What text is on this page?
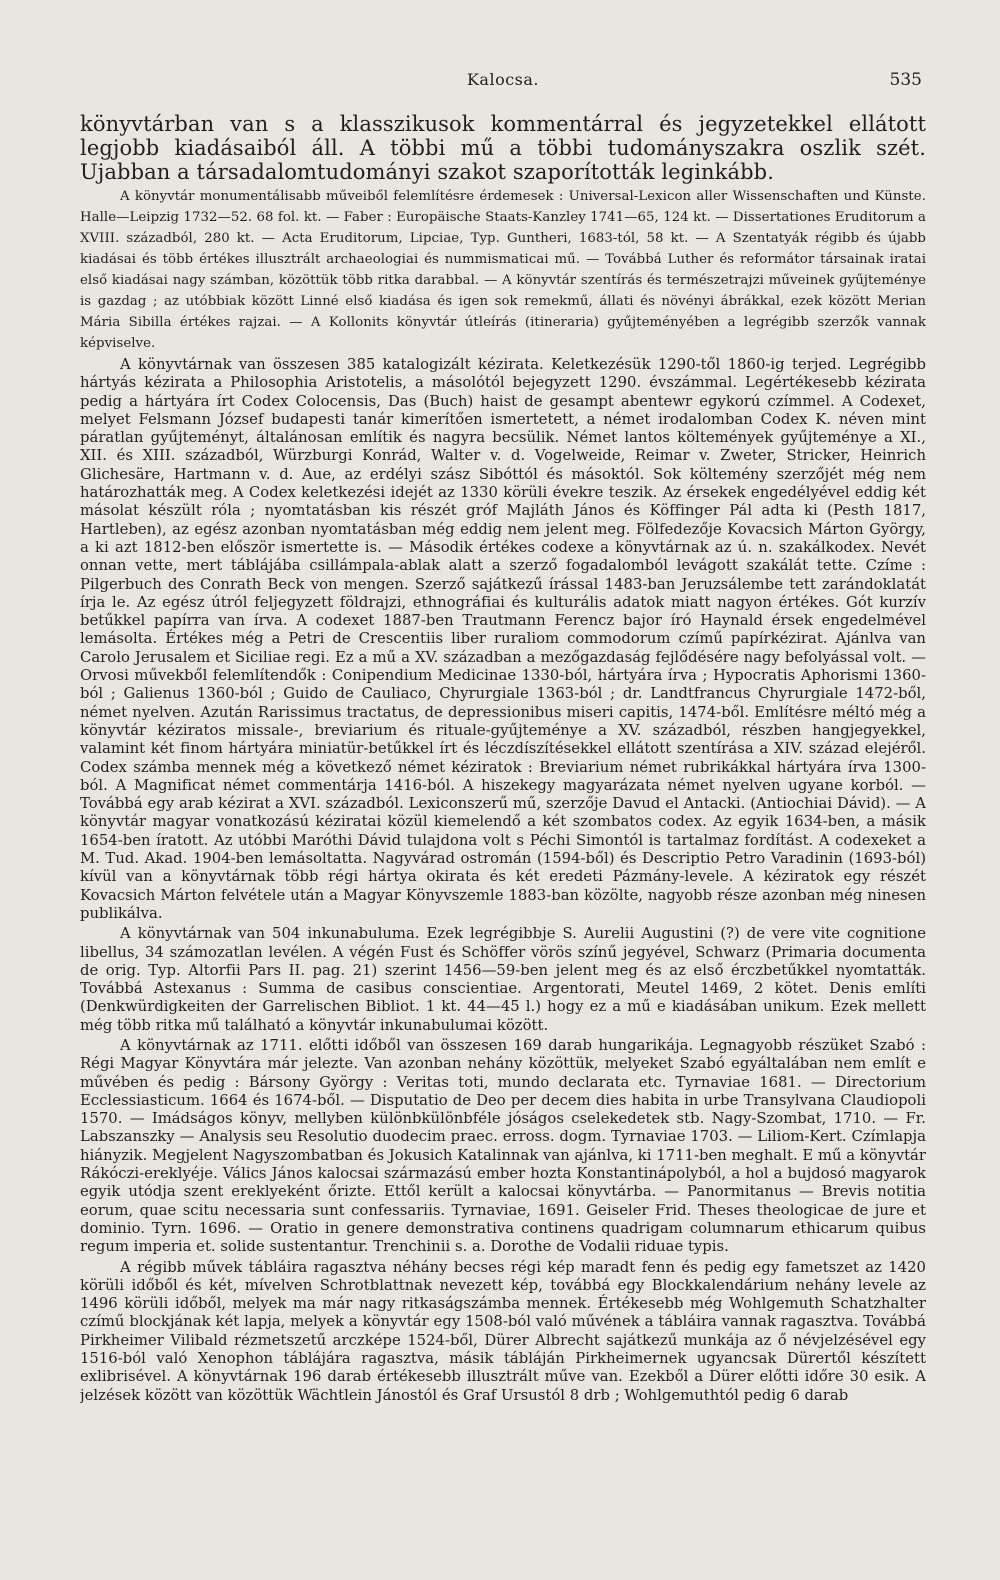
Kalocsa.	535

könyvtárban van s a klasszikusok kommentárral és jegyzetekkel ellátott legjobb kiadásaiból áll. A többi mű a többi tudományszakra oszlik szét. Ujabban a társadalomtudományi szakot szaporították leginkább.

A könyvtár monumentálisabb műveiből felemlítésre érdemesek : Universal-Lexicon aller Wissenschaften und Künste. Halle—Leipzig 1732—52. 68 fol. kt. — Faber : Europäische Staats-Kanzley 1741—65, 124 kt. — Dissertationes Eruditorum a XVIII. századból, 280 kt. — Acta Eruditorum, Lipciae, Typ. Guntheri, 1683-tól, 58 kt. — A Szentatyák régibb és újabb kiadásai és több értékes illusztrált archaeologiai és nummismaticai mű. — Továbbá Luther és reformátor társainak iratai első kiadásai nagy számban, közöttük több ritka darabbal. — A könyvtár szentírás és természetrajzi műveinek gyűjteménye is gazdag ; az utóbbiak között Linné első kiadása és igen sok remekmű, állati és növényi ábrákkal, ezek között Merian Mária Sibilla értékes rajzai. — A Kollonits könyvtár útleírás (itineraria) gyűjteményében a legrégibb szerzők vannak képviselve.

A könyvtárnak van összesen 385 katalogizált kézirata. Keletkezésük 1290-től 1860-ig terjed. Legrégibb hártyás kézirata a Philosophia Aristotelis, a másolótól bejegyzett 1290. évszámmal. Legértékesebb kézirata pedig a hártyára írt Codex Colocensis, Das (Buch) haist de gesampt abentewr egykorú czímmel. A Codexet, melyet Felsmann József budapesti tanár kimerítően ismertetett, a német irodalomban Codex K. néven mint páratlan gyűjteményt, általánosan említik és nagyra becsülik. Német lantos költemények gyűjteménye a XI., XII. és XIII. századból, Würzburgi Konrád, Walter v. d. Vogelweide, Reimar v. Zweter, Stricker, Heinrich Glichesäre, Hartmann v. d. Aue, az erdélyi szász Sibóttól és másoktól. Sok költemény szerzőjét még nem határozhatták meg. A Codex keletkezési idejét az 1330 körüli évekre teszik. Az érsekek engedélyével eddig két másolat készült róla ; nyomtatásban kis részét gróf Majláth János és Köffinger Pál adta ki (Pesth 1817, Hartleben), az egész azonban nyomtatásban még eddig nem jelent meg. Fölfedezője Kovacsich Márton György, a ki azt 1812-ben először ismertette is. — Második értékes codexe a könyvtárnak az ú. n. szakálkodex. Nevét onnan vette, mert táblájába csillámpala-ablak alatt a szerző fogadalomból levágott szakálát tette. Czíme : Pilgerbuch des Conrath Beck von mengen. Szerző sajátkezű írással 1483-ban Jeruzsálembe tett zarándoklatát írja le. Az egész útról feljegyzett földrajzi, ethnográfiai és kulturális adatok miatt nagyon értékes. Gót kurzív betűkkel papírra van írva. A codexet 1887-ben Trautmann Ferencz bajor író Haynald érsek engedelmével lemásolta. Értékes még a Petri de Crescentiis liber ruraliom commodorum czímű papírkézirat. Ajánlva van Carolo Jerusalem et Siciliae regi. Ez a mű a XV. században a mezőgazdaság fejlődésére nagy befolyással volt. — Orvosi művekből felemlítendők : Conipendium Medicinae 1330-ból, hártyára írva ; Hypocratis Aphorismi 1360-ból ; Galienus 1360-ból ; Guido de Cauliaco, Chyrurgiale 1363-ból ; dr. Landtfrancus Chyrurgiale 1472-ből, német nyelven. Azután Rarissimus tractatus, de depressionibus miseri capitis, 1474-ből. Említésre méltó még a könyvtár kéziratos missale-, breviarium és rituale-gyűjteménye a XV. századból, részben hangjegyekkel, valamint két finom hártyára miniatür-betűkkel írt és léczdíszítésekkel ellátott szentírása a XIV. század elejéről. Codex számba mennek még a következő német kéziratok : Breviarium német rubrikákkal hártyára írva 1300-ból. A Magnificat német commentárja 1416-ból. A hiszekegy magyarázata német nyelven ugyane korból. — Továbbá egy arab kézirat a XVI. századból. Lexiconszerű mű, szerzője Davud el Antacki. (Antiochiai Dávid). — A könyvtár magyar vonatkozású kéziratai közül kiemelendő a két szombatos codex. Az egyik 1634-ben, a másik 1654-ben íratott. Az utóbbi Maróthi Dávid tulajdona volt s Péchi Simontól is tartalmaz fordítást. A codexeket a M. Tud. Akad. 1904-ben lemásoltatta. Nagyvárad ostromán (1594-ből) és Descriptio Petro Varadinin (1693-ból) kívül van a könyvtárnak több régi hártya okirata és két eredeti Pázmány-levele. A kéziratok egy részét Kovacsich Márton felvétele után a Magyar Könyvszemle 1883-ban közölte, nagyobb része azonban még ninesen publikálva.

A könyvtárnak van 504 inkunabuluma. Ezek legrégibbje S. Aurelii Augustini (?) de vere vite cognitione libellus, 34 számozatlan levélen. A végén Fust és Schöffer vörös színű jegyével, Schwarz (Primaria documenta de orig. Typ. Altorfii Pars II. pag. 21) szerint 1456—59-ben jelent meg és az első érczbetűkkel nyomtatták. Továbbá Astexanus : Summa de casibus conscientiae. Argentorati, Meutel 1469, 2 kötet. Denis említi (Denkwürdigkeiten der Garrelischen Bibliot. 1 kt. 44—45 l.) hogy ez a mű e kiadásában unikum. Ezek mellett még több ritka mű található a könyvtár inkunabulumai között.

A könyvtárnak az 1711. előtti időből van összesen 169 darab hungarikája. Legnagyobb részüket Szabó : Régi Magyar Könyvtára már jelezte. Van azonban nehány közöttük, melyeket Szabó egyáltalában nem említ e művében és pedig : Bársony György : Veritas toti, mundo declarata etc. Tyrnaviae 1681. — Directorium Ecclessiasticum. 1664 és 1674-ből. — Disputatio de Deo per decem dies habita in urbe Transylvana Claudiopoli 1570. — Imádságos könyv, mellyben különbkülönbféle jóságos cselekedetek stb. Nagy-Szombat, 1710. — Fr. Labszanszky — Analysis seu Resolutio duodecim praec. erross. dogm. Tyrnaviae 1703. — Liliom-Kert. Czímlapja hiányzik. Megjelent Nagyszombatban és Jokusich Katalinnak van ajánlva, ki 1711-ben meghalt. E mű a könyvtár Rákóczi-ereklyéje. Válics János kalocsai származású ember hozta Konstantinápolyból, a hol a bujdosó magyarok egyik utódja szent ereklyeként őrizte. Ettől került a kalocsai könyvtárba. — Panormitanus — Brevis notitia eorum, quae scitu necessaria sunt confessariis. Tyrnaviae, 1691. Geiseler Frid. Theses theologicae de jure et dominio. Tyrn. 1696. — Oratio in genere demonstrativa continens quadrigam columnarum ethicarum quibus regum imperia et. solide sustentantur. Trenchinii s. a. Dorothe de Vodalii riduae typis.

A régibb művek tábláira ragasztva néhány becses régi kép maradt fenn és pedig egy fametszet az 1420 körüli időből és két, mívelven Schrotblattnak nevezett kép, továbbá egy Blockkalendárium nehány levele az 1496 körüli időből, melyek ma már nagy ritkaságszámba mennek. Értékesebb még Wohlgemuth Schatzhalter czímű blockjának két lapja, melyek a könyvtár egy 1508-ból való művének a tábláira vannak ragasztva. Továbbá Pirkheimer Vilibald rézmetszetű arczképe 1524-ből, Dürer Albrecht sajátkezű munkája az ő névjelzésével egy 1516-ból való Xenophon táblájára ragasztva, másik tábláján Pirkheimernek ugyancsak Dürertől készített exlibrisével. A könyvtárnak 196 darab értékesebb illusztrált műve van. Ezekből a Dürer előtti időre 30 esik. A jelzések között van közöttük Wächtlein Jánostól és Graf Ursustól 8 drb ; Wohlgemuthtól pedig 6 darab
